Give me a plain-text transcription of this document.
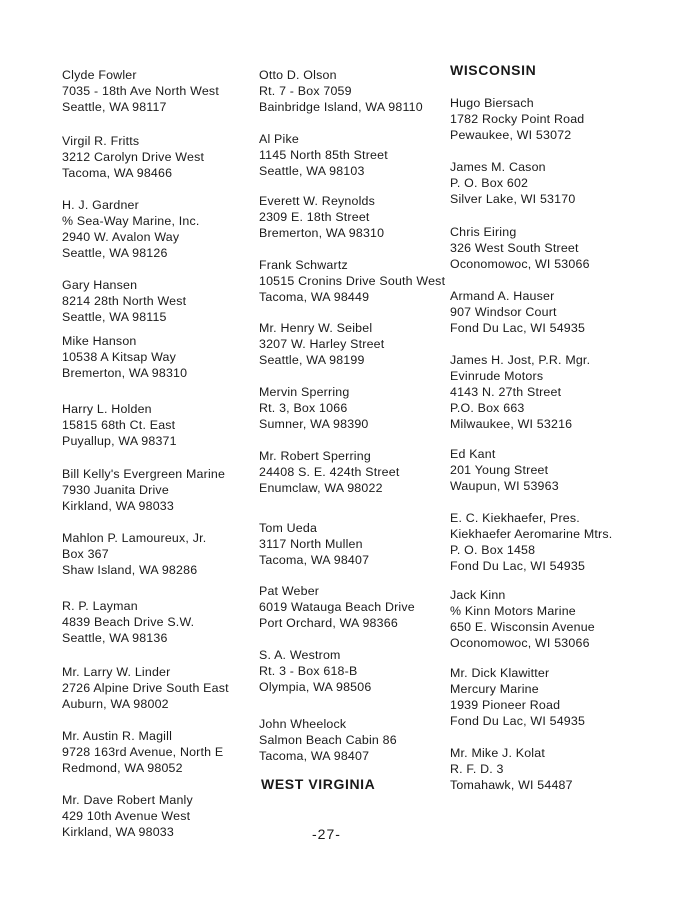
WISCONSIN
WEST VIRGINIA
-27-
Clyde Fowler
7035 - 18th Ave North West
Seattle, WA 98117
Virgil R. Fritts
3212 Carolyn Drive West
Tacoma, WA 98466
H. J. Gardner
% Sea-Way Marine, Inc.
2940 W. Avalon Way
Seattle, WA 98126
Gary Hansen
8214 28th North West
Seattle, WA 98115
Mike Hanson
10538 A Kitsap Way
Bremerton, WA 98310
Harry L. Holden
15815 68th Ct. East
Puyallup, WA 98371
Bill Kelly's Evergreen Marine
7930 Juanita Drive
Kirkland, WA 98033
Mahlon P. Lamoureux, Jr.
Box 367
Shaw Island, WA 98286
R. P. Layman
4839 Beach Drive S.W.
Seattle, WA 98136
Mr. Larry W. Linder
2726 Alpine Drive South East
Auburn, WA 98002
Mr. Austin R. Magill
9728 163rd Avenue, North E
Redmond, WA 98052
Mr. Dave Robert Manly
429 10th Avenue West
Kirkland, WA 98033
Otto D. Olson
Rt. 7 - Box 7059
Bainbridge Island, WA 98110
Al Pike
1145 North 85th Street
Seattle, WA 98103
Everett W. Reynolds
2309 E. 18th Street
Bremerton, WA 98310
Frank Schwartz
10515 Cronins Drive South West
Tacoma, WA 98449
Mr. Henry W. Seibel
3207 W. Harley Street
Seattle, WA 98199
Mervin Sperring
Rt. 3, Box 1066
Sumner, WA 98390
Mr. Robert Sperring
24408 S. E. 424th Street
Enumclaw, WA 98022
Tom Ueda
3117 North Mullen
Tacoma, WA 98407
Pat Weber
6019 Watauga Beach Drive
Port Orchard, WA 98366
S. A. Westrom
Rt. 3 - Box 618-B
Olympia, WA 98506
John Wheelock
Salmon Beach Cabin 86
Tacoma, WA 98407
Hugo Biersach
1782 Rocky Point Road
Pewaukee, WI 53072
James M. Cason
P. O. Box 602
Silver Lake, WI 53170
Chris Eiring
326 West South Street
Oconomowoc, WI 53066
Armand A. Hauser
907 Windsor Court
Fond Du Lac, WI 54935
James H. Jost, P.R. Mgr.
Evinrude Motors
4143 N. 27th Street
P.O. Box 663
Milwaukee, WI 53216
Ed Kant
201 Young Street
Waupun, WI 53963
E. C. Kiekhaefer, Pres.
Kiekhaefer Aeromarine Mtrs.
P. O. Box 1458
Fond Du Lac, WI 54935
Jack Kinn
% Kinn Motors Marine
650 E. Wisconsin Avenue
Oconomowoc, WI 53066
Mr. Dick Klawitter
Mercury Marine
1939 Pioneer Road
Fond Du Lac, WI 54935
Mr. Mike J. Kolat
R. F. D. 3
Tomahawk, WI 54487
